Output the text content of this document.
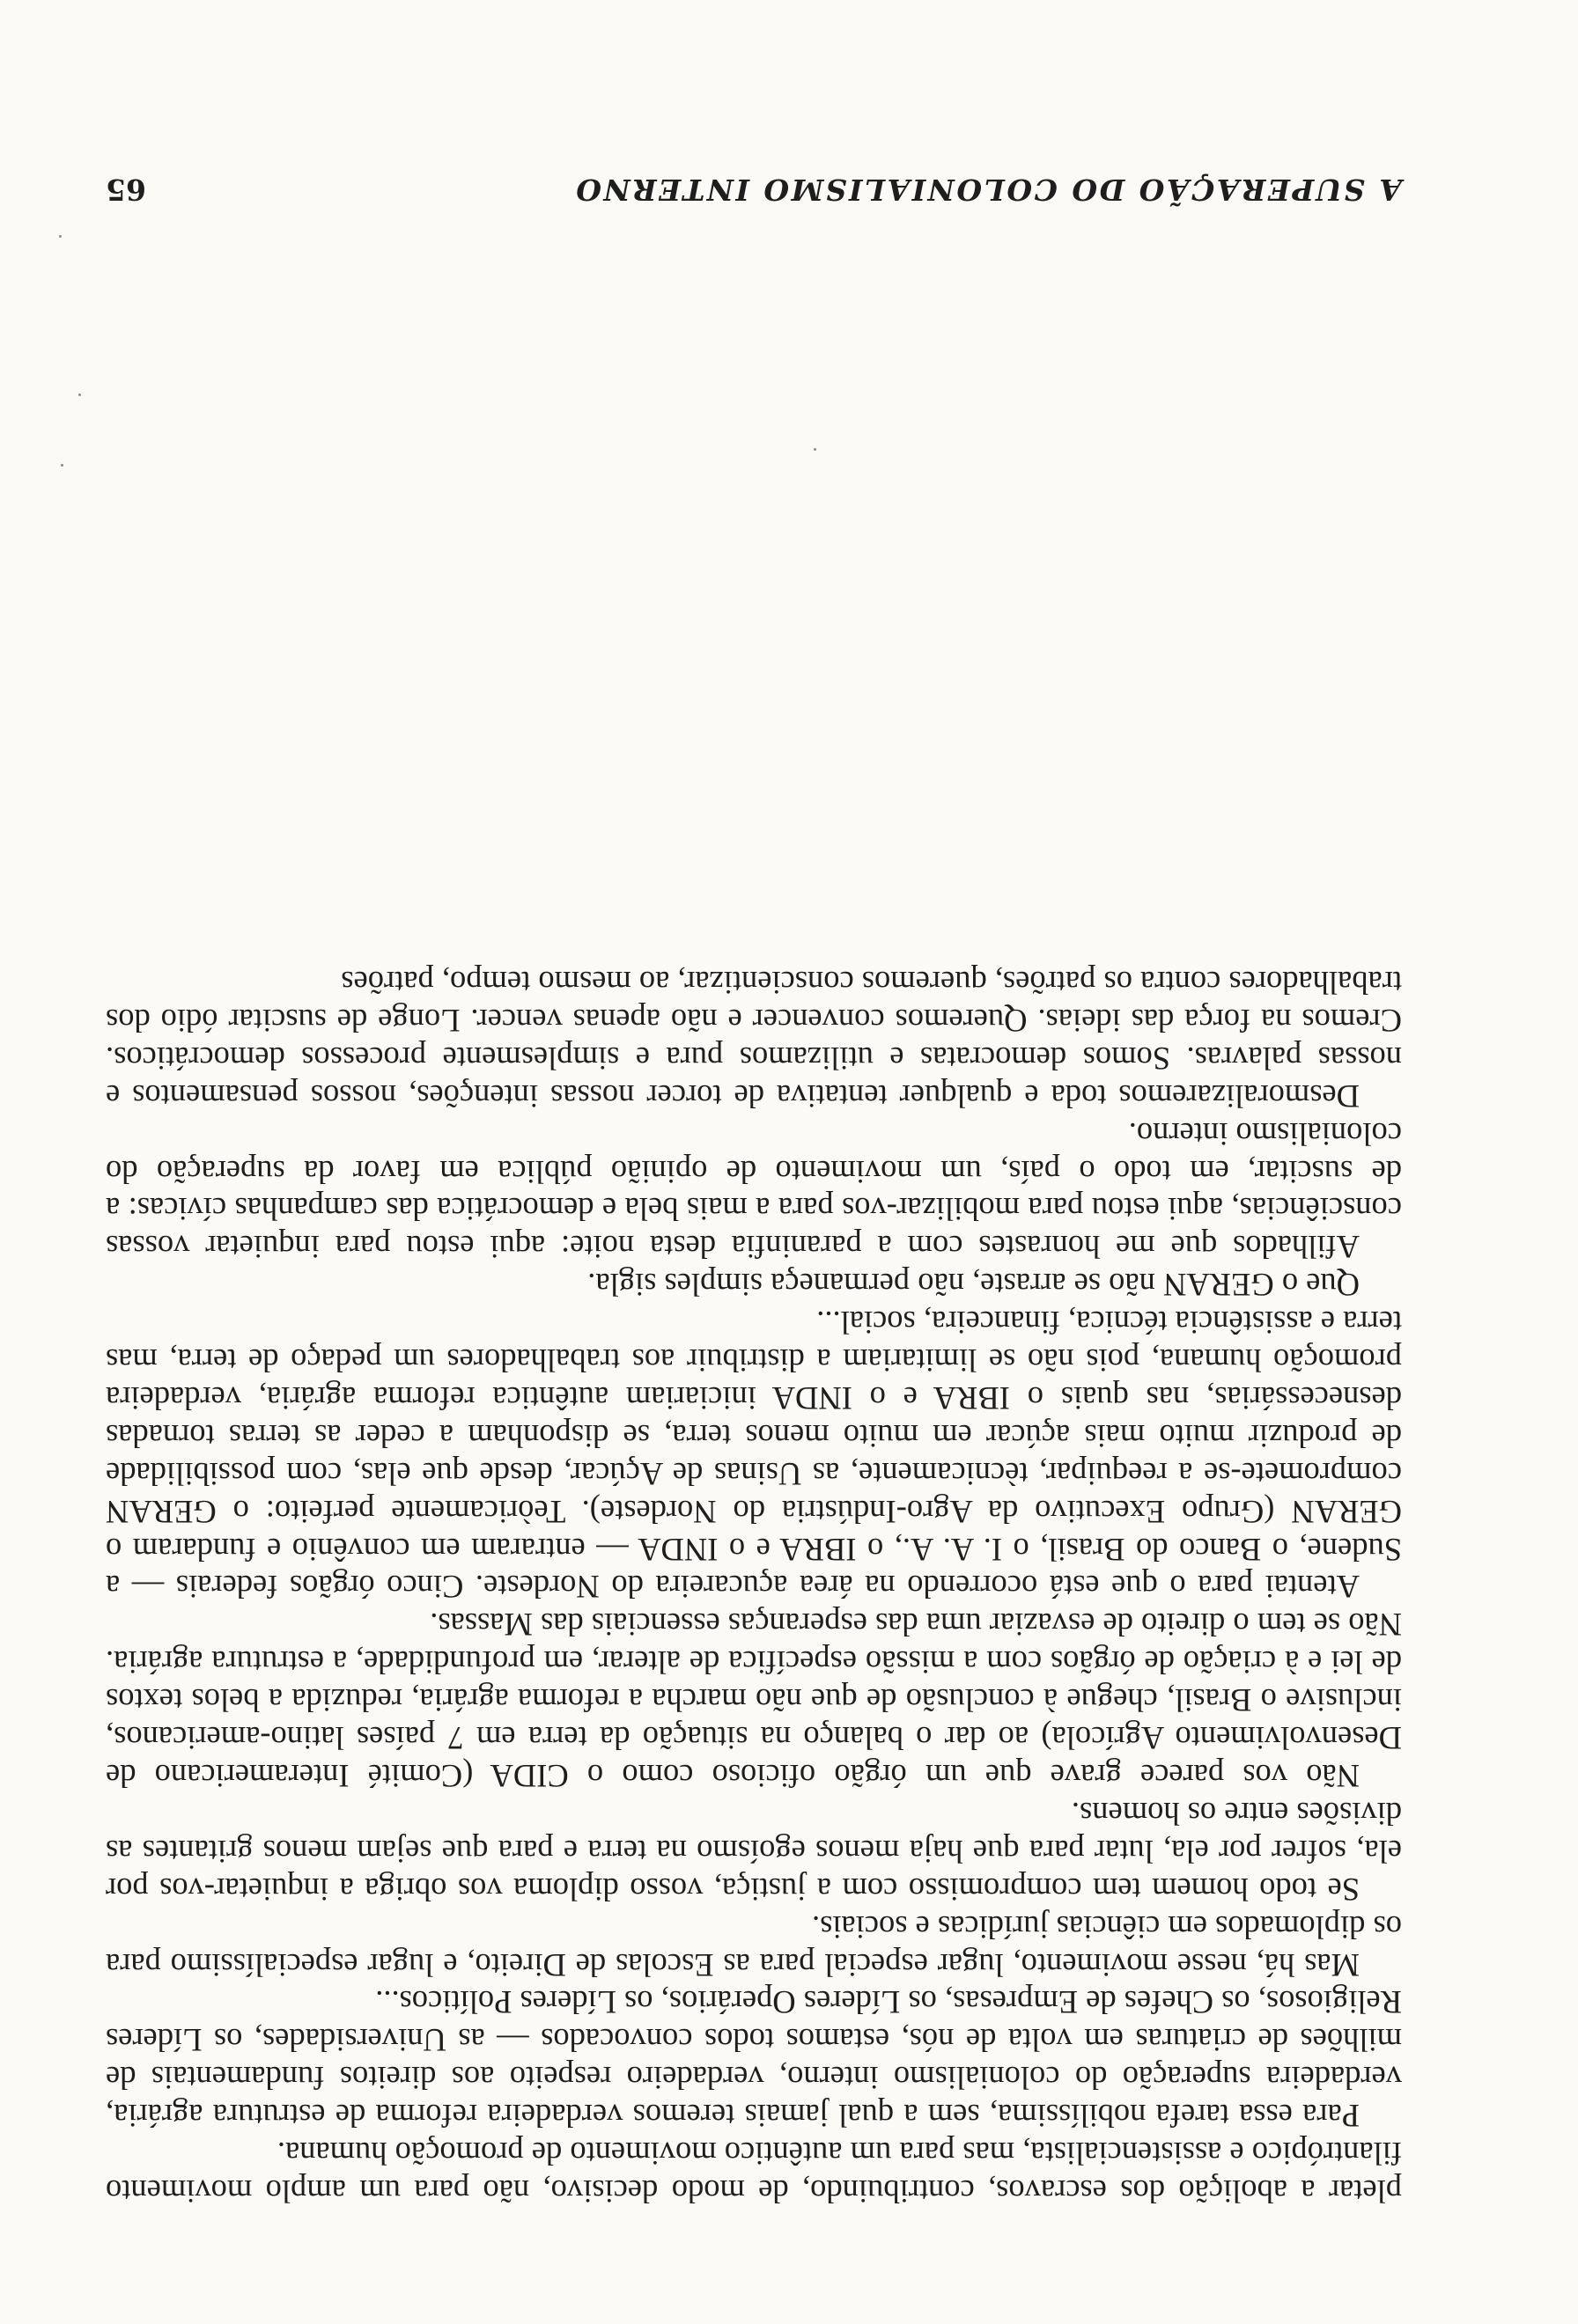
A SUPERAÇÃO DO COLONIALISMO INTERNO
65

pletar a abolição dos escravos, contribuindo, de modo decisivo, não para um amplo movimento filantrópico e assistencialista, mas para um autêntico movimento de promoção humana.

Para essa tarefa nobilíssima, sem a qual jamais teremos verdadeira reforma de estrutura agrária, verdadeira superação do colonialismo interno, verdadeiro respeito aos direitos fundamentais de milhões de criaturas em volta de nós, estamos todos convocados — as Universidades, os Líderes Religiosos, os Chefes de Empresas, os Líderes Operários, os Líderes Políticos...

Mas há, nesse movimento, lugar especial para as Escolas de Direito, e lugar especialíssimo para os diplomados em ciências jurídicas e sociais.

Se todo homem tem compromisso com a justiça, vosso diploma vos obriga a inquietar-vos por ela, sofrer por ela, lutar para que haja menos egoísmo na terra e para que sejam menos gritantes as divisões entre os homens.

Não vos parece grave que um órgão oficioso como o CIDA (Comité Interamericano de Desenvolvimento Agrícola) ao dar o balanço na situação da terra em 7 países latino-americanos, inclusive o Brasil, chegue à conclusão de que não marcha a reforma agrária, reduzida a belos textos de lei e à criação de órgãos com a missão específica de alterar, em profundidade, a estrutura agrária. Não se tem o direito de esvaziar uma das esperanças essenciais das Massas.

Atentai para o que está ocorrendo na área açucareira do Nordeste. Cinco órgãos federais — a Sudene, o Banco do Brasil, o I. A. A., o IBRA e o INDA — entraram em convênio e fundaram o GERAN (Grupo Executivo da Agro-Indústria do Nordeste). Teòricamente perfeito: o GERAN compromete-se a reequipar, tècnicamente, as Usinas de Açúcar, desde que elas, com possibilidade de produzir muito mais açúcar em muito menos terra, se disponham a ceder as terras tornadas desnecessárias, nas quais o IBRA e o INDA iniciariam autêntica reforma agrária, verdadeira promoção humana, pois não se limitariam a distribuir aos trabalhadores um pedaço de terra, mas terra e assistência técnica, financeira, social...

Que o GERAN não se arraste, não permaneça simples sigla.

Afilhados que me honrastes com a paraninfia desta noite: aqui estou para inquietar vossas consciências, aqui estou para mobilizar-vos para a mais bela e democrática das campanhas cívicas: a de suscitar, em todo o país, um movimento de opinião pública em favor da superação do colonialismo interno.

Desmoralizaremos toda e qualquer tentativa de torcer nossas intenções, nossos pensamentos e nossas palavras. Somos democratas e utilizamos pura e simplesmente processos democráticos. Cremos na força das ideias. Queremos convencer e não apenas vencer. Longe de suscitar ódio dos trabalhadores contra os patrões, queremos conscientizar, ao mesmo tempo, patrões
